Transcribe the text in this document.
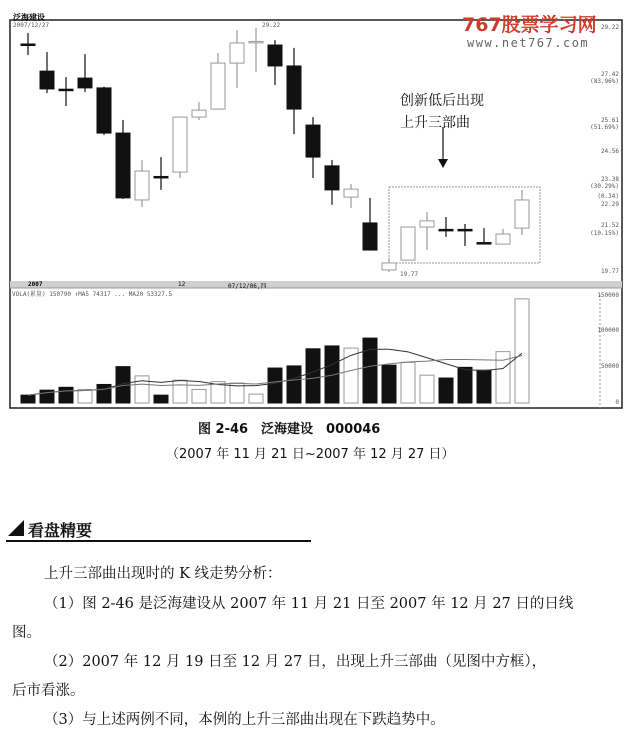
767股票学习网
www.net767.com
泛海建设
2007/12/27	29.22
19.77
2007	12	07/12/06,四
VOLA(累量) 150790 ↑MA5 74317 ... MA20 53327.5
29.22
27.42
(83.96%)
25.61
(51.69%)
24.56
23.38
(30.29%)
(0.34)
22.29
21.52
(10.15%)
19.77
150000
100000
50000
0
创新低后出现
上升三部曲
图 2-46　泛海建设　000046
（2007 年 11 月 21 日~2007 年 12 月 27 日）
看盘精要
上升三部曲出现时的 K 线走势分析：
（1）图 2-46 是泛海建设从 2007 年 11 月 21 日至 2007 年 12 月 27 日的日线
图。
（2）2007 年 12 月 19 日至 12 月 27 日，出现上升三部曲（见图中方框），
后市看涨。
（3）与上述两例不同，本例的上升三部曲出现在下跌趋势中。
